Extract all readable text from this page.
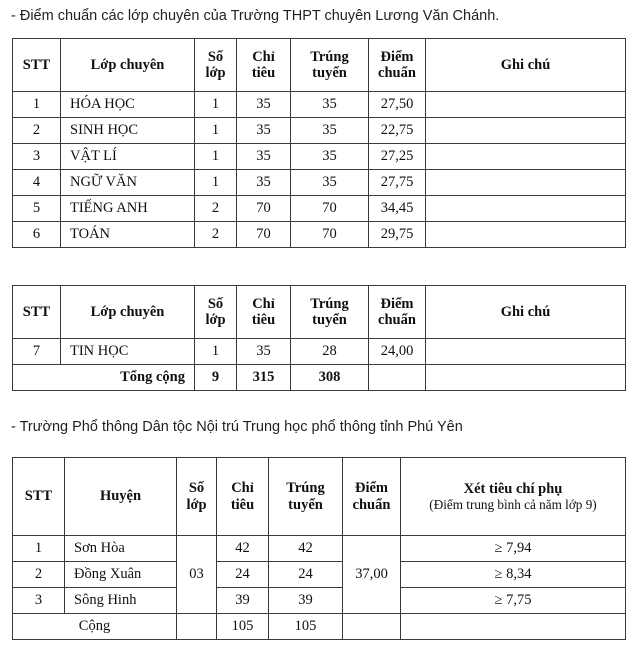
- Điểm chuẩn các lớp chuyên của Trường THPT chuyên Lương Văn Chánh.
STT	Lớp chuyên	Số lớp	Chỉ tiêu	Trúng tuyển	Điểm chuẩn	Ghi chú
1	HÓA HỌC	1	35	35	27,50	
2	SINH HỌC	1	35	35	22,75	
3	VẬT LÍ	1	35	35	27,25	
4	NGỮ VĂN	1	35	35	27,75	
5	TIẾNG ANH	2	70	70	34,45	
6	TOÁN	2	70	70	29,75	
STT	Lớp chuyên	Số lớp	Chỉ tiêu	Trúng tuyển	Điểm chuẩn	Ghi chú
7	TIN HỌC	1	35	28	24,00	
Tổng cộng		9	315	308		
- Trường Phổ thông Dân tộc Nội trú Trung học phổ thông tỉnh Phú Yên
STT	Huyện	Số lớp	Chỉ tiêu	Trúng tuyển	Điểm chuẩn	Xét tiêu chí phụ
(Điểm trung bình cả năm lớp 9)

1	Sơn Hòa	03	42	42	37,00	≥ 7,94
2	Đồng Xuân		24	24		≥ 8,34
3	Sông Hinh		39	39		≥ 7,75
Cộng			105	105		
